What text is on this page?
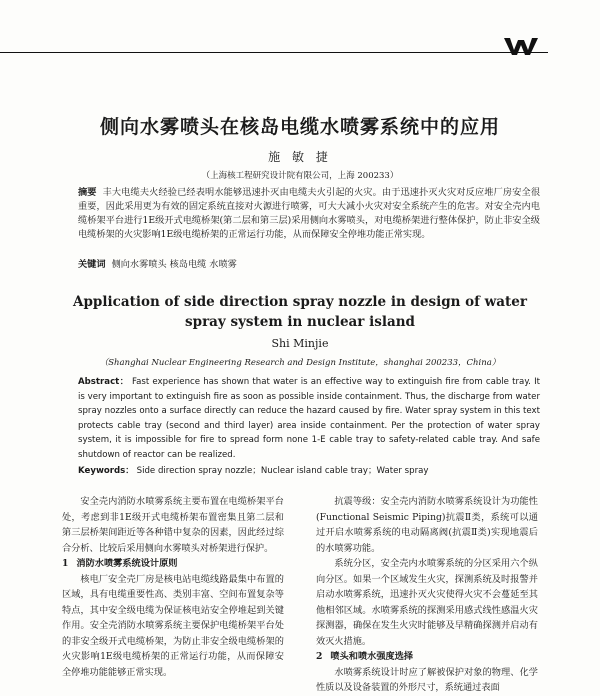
侧向水雾喷头在核岛电缆水喷雾系统中的应用
施 敏 捷
（上海核工程研究设计院有限公司，上海 200233）
摘要 丰大电缆夫火经验已经表明水能够迅速扑灭由电缆夫火引起的火灾。由于迅速扑灭火灾对反应堆厂房安全很重要，因此采用更为有效的固定系统直接对火源进行喷雾，可大大减小火灾对安全系统产生的危害。对安全壳内电缆桥架平台进行1E级开式电缆桥架(第二层和第三层)采用侧向水雾喷头，对电缆桥架进行整体保护，防止非安全级电缆桥架的火灾影响1E级电缆桥架的正常运行功能，从而保障安全停堆功能正常实现。
关键词 侧向水雾喷头 核岛电缆 水喷雾
Application of side direction spray nozzle in design of water spray system in nuclear island
Shi Minjie
（Shanghai Nuclear Engineering Research and Design Institute，shanghai 200233，China）
Abstract： Fast experience has shown that water is an effective way to extinguish fire from cable tray. It is very important to extinguish fire as soon as possible inside containment. Thus, the discharge from water spray nozzles onto a surface directly can reduce the hazard caused by fire. Water spray system in this text protects cable tray (second and third layer) area inside containment. Per the protection of water spray system, it is impossible for fire to spread form none 1-E cable tray to safety-related cable tray. And safe shutdown of reactor can be realized.
Keywords： Side direction spray nozzle；Nuclear island cable tray；Water spray

安全壳内消防水喷雾系统主要布置在电缆桥架平台处，考虑到非1E级开式电缆桥架布置密集且第二层和第三层桥架间距近等各种错中复杂的因素，因此经过综合分析、比较后采用侧向水雾喷头对桥架进行保护。

1 消防水喷雾系统设计原则

核电厂安全壳厂房是核电站电缆线路最集中布置的区域，具有电缆重要性高、类别丰富、空间布置复杂等特点，其中安全级电缆为保证核电站安全停堆起到关键作用。安全壳消防水喷雾系统主要保护电缆桥架平台处的非安全级开式电缆桥架，为防止非安全级电缆桥架的火灾影响1E级电缆桥架的正常运行功能，从而保障安全停堆功能能够正常实现。

抗震等级：安全壳内消防水喷雾系统设计为功能性(Functional Seismic Piping)抗震Ⅱ类，系统可以通过开启水喷雾系统的电动隔离阀(抗震Ⅱ类)实现地震后的水喷雾功能。

系统分区，安全壳内水喷雾系统的分区采用六个纵向分区。如果一个区域发生火灾，探测系统及时报警并启动水喷雾系统，迅速扑灭火灾使得火灾不会蔓延至其他相邻区域。水喷雾系统的探测采用感式线性感温火灾探测器，确保在发生火灾时能够及早精确探测并启动有效灭火措施。

2 喷头和喷水强度选择

水喷雾系统设计时应了解被保护对象的物理、化学性质以及设备装置的外形尺寸，系统通过表面
